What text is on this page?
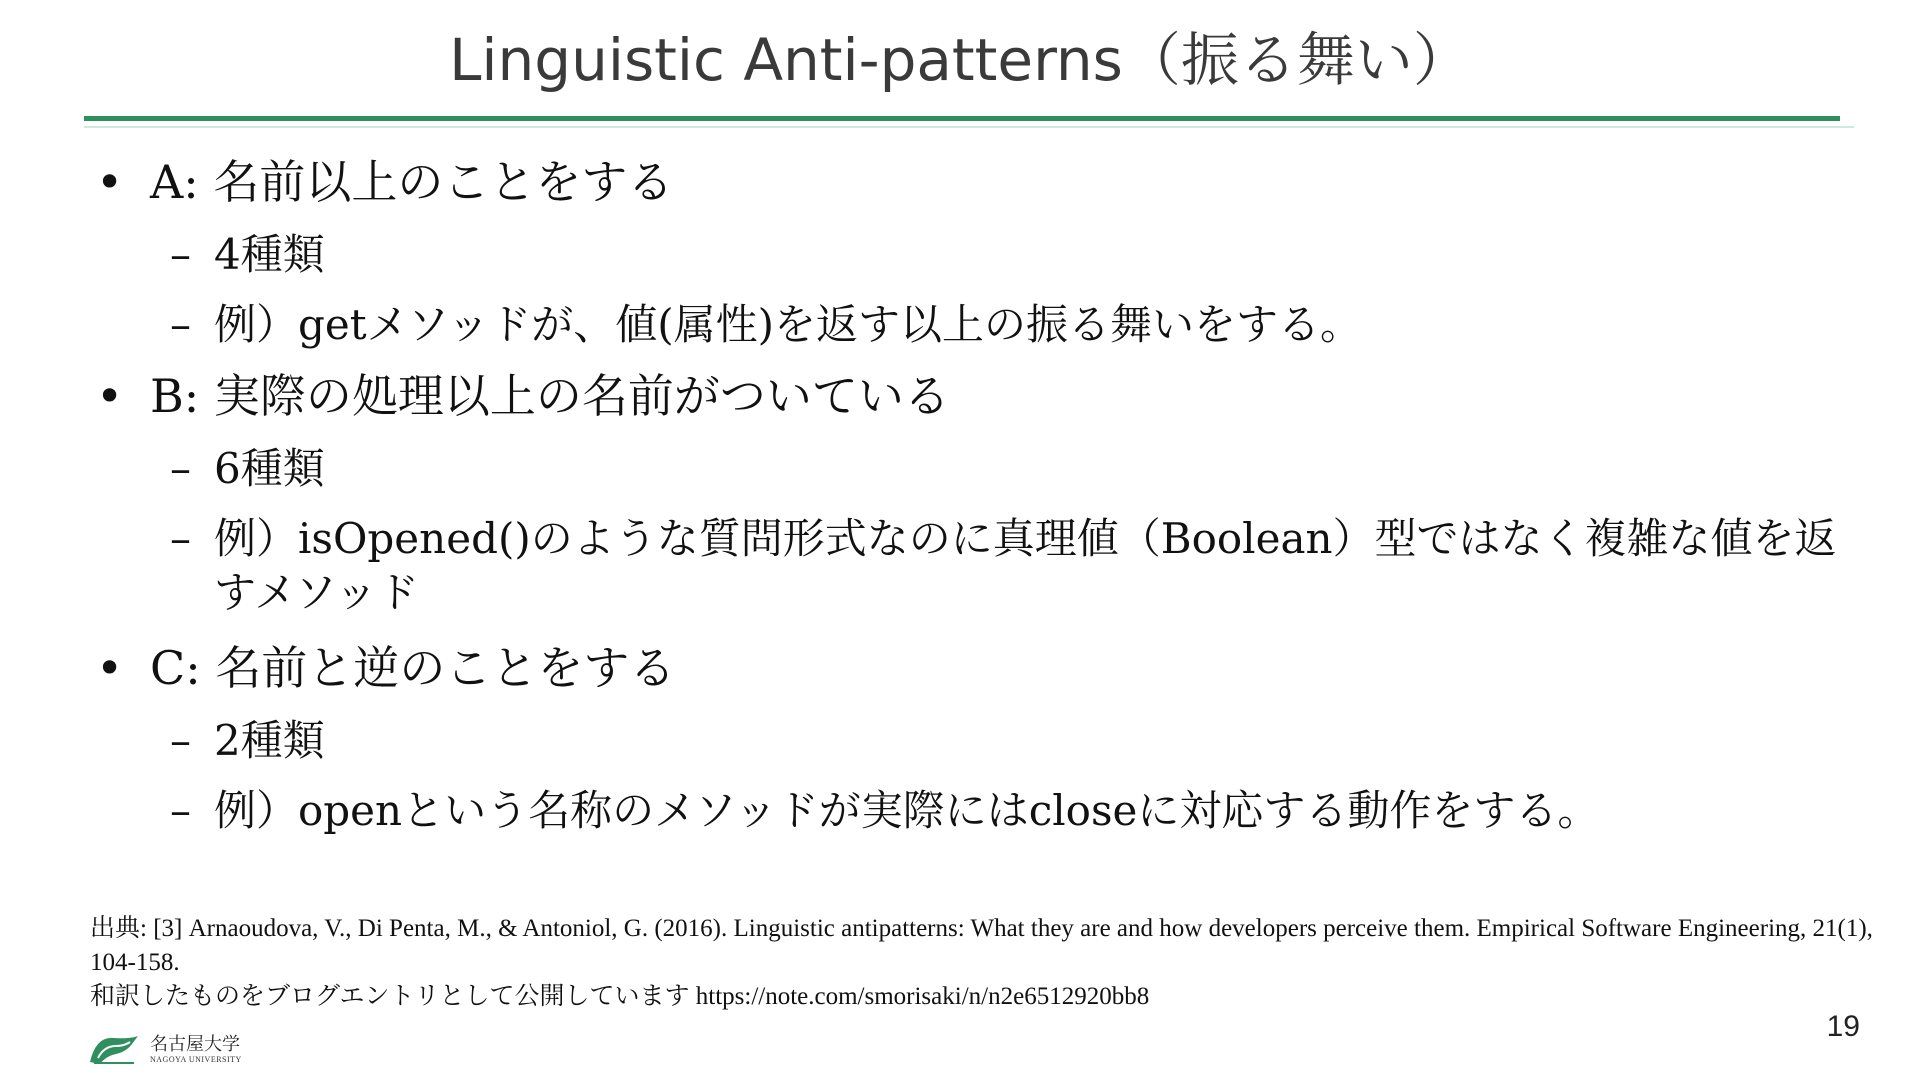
Linguistic Anti-patterns（振る舞い）
• A: 名前以上のことをする
– 4種類
– 例）getメソッドが、値(属性)を返す以上の振る舞いをする。
• B: 実際の処理以上の名前がついている
– 6種類
– 例）isOpened()のような質問形式なのに真理値（Boolean）型ではなく複雑な値を返すメソッド
• C: 名前と逆のことをする
– 2種類
– 例）openという名称のメソッドが実際にはcloseに対応する動作をする。
出典: [3] Arnaoudova, V., Di Penta, M., & Antoniol, G. (2016). Linguistic antipatterns: What they are and how developers perceive them. Empirical Software Engineering, 21(1), 104-158.
和訳したものをブログエントリとして公開しています https://note.com/smorisaki/n/n2e6512920bb8
19
名古屋大学
NAGOYA UNIVERSITY
